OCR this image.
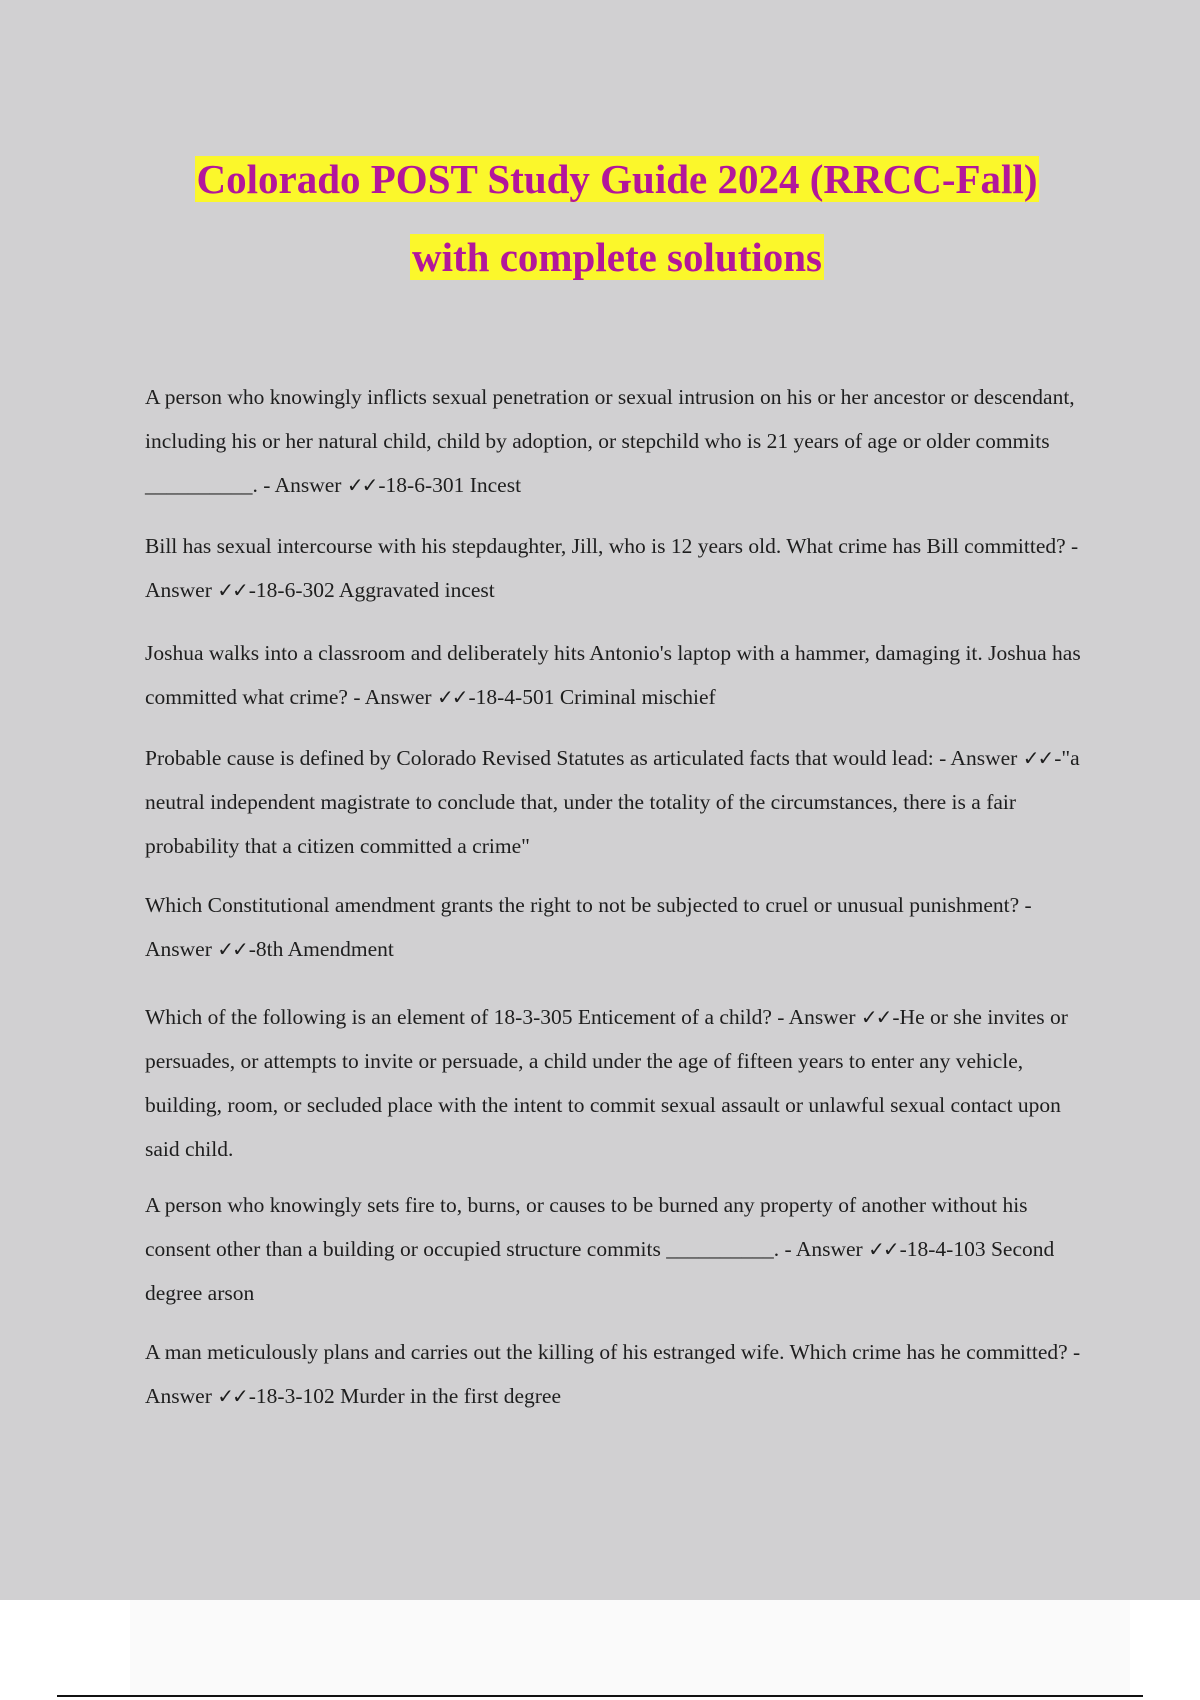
Colorado POST Study Guide 2024 (RRCC-Fall)
with complete solutions

A person who knowingly inflicts sexual penetration or sexual intrusion on his or her ancestor or descendant, including his or her natural child, child by adoption, or stepchild who is 21 years of age or older commits __________. - Answer ✓✓-18-6-301 Incest

Bill has sexual intercourse with his stepdaughter, Jill, who is 12 years old. What crime has Bill committed? - Answer ✓✓-18-6-302 Aggravated incest

Joshua walks into a classroom and deliberately hits Antonio's laptop with a hammer, damaging it. Joshua has committed what crime? - Answer ✓✓-18-4-501 Criminal mischief

Probable cause is defined by Colorado Revised Statutes as articulated facts that would lead: - Answer ✓✓-"a neutral independent magistrate to conclude that, under the totality of the circumstances, there is a fair probability that a citizen committed a crime"

Which Constitutional amendment grants the right to not be subjected to cruel or unusual punishment? - Answer ✓✓-8th Amendment

Which of the following is an element of 18-3-305 Enticement of a child? - Answer ✓✓-He or she invites or persuades, or attempts to invite or persuade, a child under the age of fifteen years to enter any vehicle, building, room, or secluded place with the intent to commit sexual assault or unlawful sexual contact upon said child.

A person who knowingly sets fire to, burns, or causes to be burned any property of another without his consent other than a building or occupied structure commits __________. - Answer ✓✓-18-4-103 Second degree arson

A man meticulously plans and carries out the killing of his estranged wife. Which crime has he committed? - Answer ✓✓-18-3-102 Murder in the first degree
